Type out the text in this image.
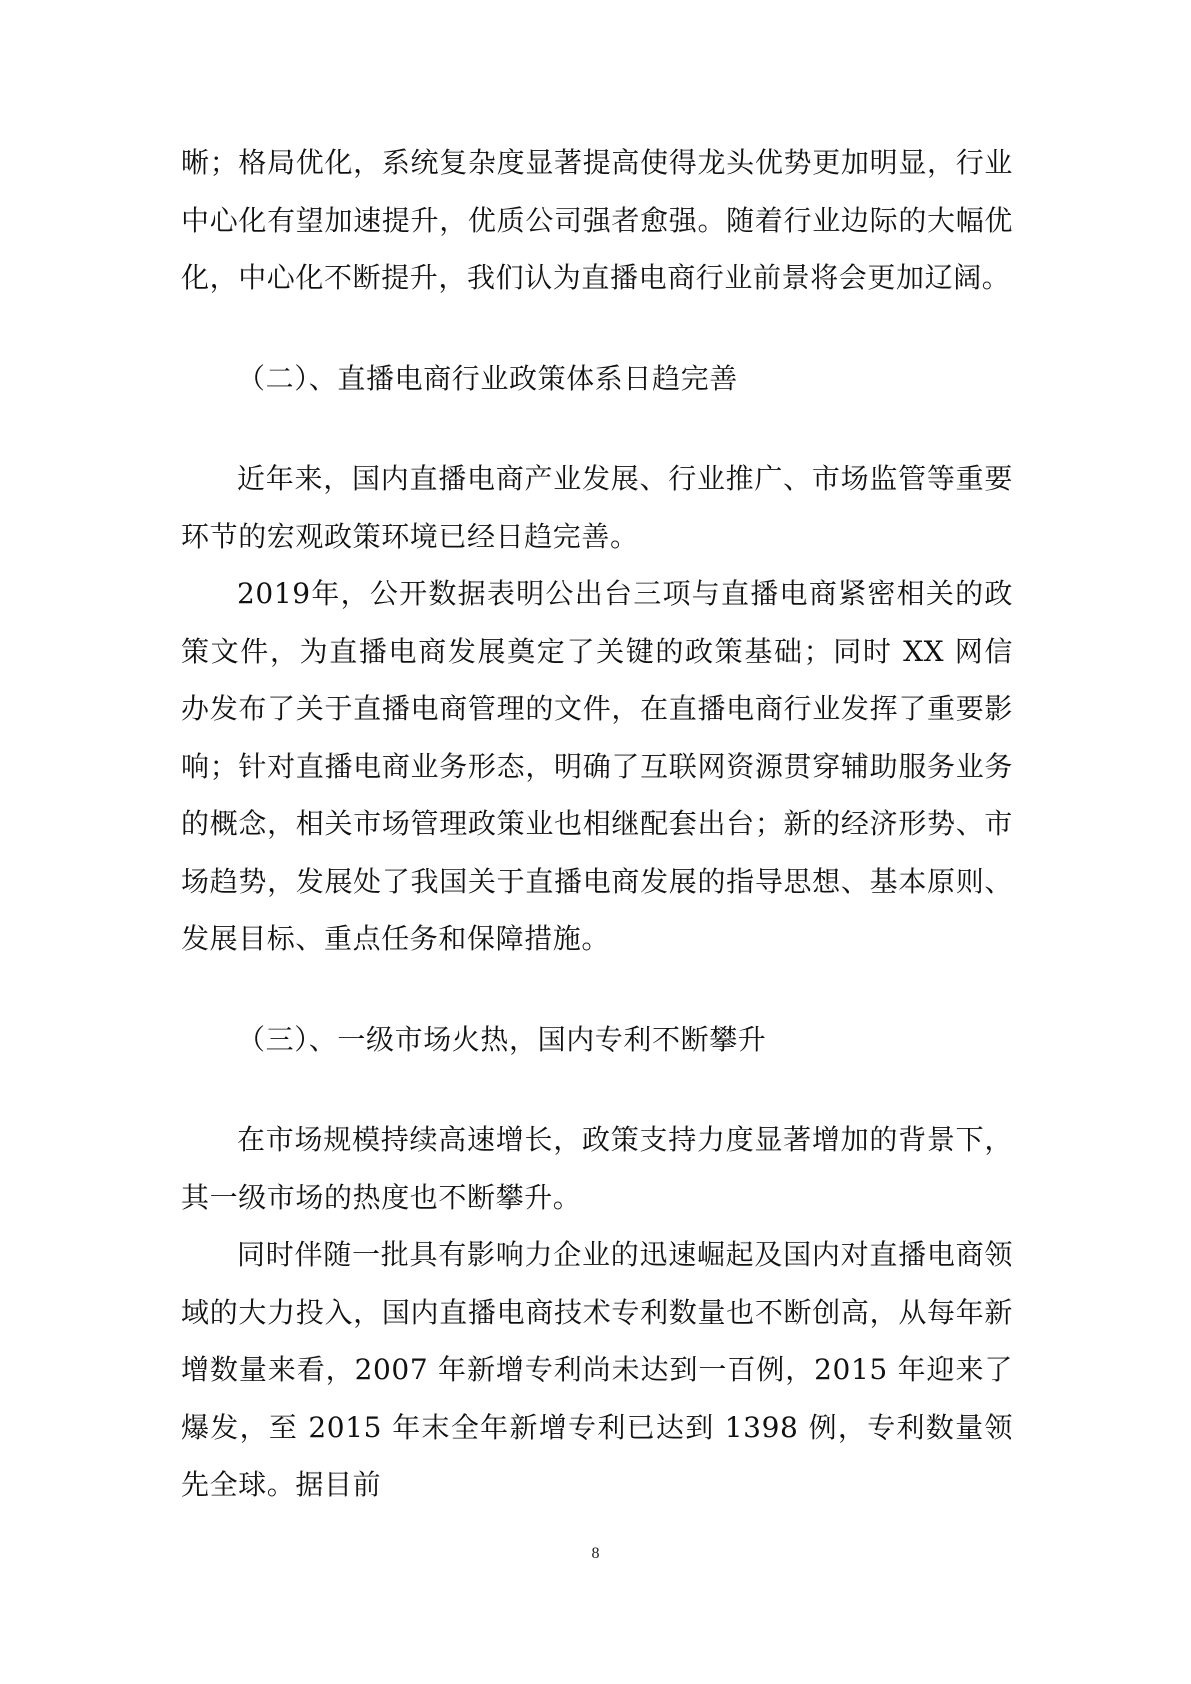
晰；格局优化，系统复杂度显著提高使得龙头优势更加明显，行业中心化有望加速提升，优质公司强者愈强。随着行业边际的大幅优化，中心化不断提升，我们认为直播电商行业前景将会更加辽阔。

（二）、直播电商行业政策体系日趋完善

近年来，国内直播电商产业发展、行业推广、市场监管等重要环节的宏观政策环境已经日趋完善。

2019年，公开数据表明公出台三项与直播电商紧密相关的政策文件，为直播电商发展奠定了关键的政策基础；同时 XX 网信办发布了关于直播电商管理的文件，在直播电商行业发挥了重要影响；针对直播电商业务形态，明确了互联网资源贯穿辅助服务业务的概念，相关市场管理政策业也相继配套出台；新的经济形势、市场趋势，发展处了我国关于直播电商发展的指导思想、基本原则、发展目标、重点任务和保障措施。

（三）、一级市场火热，国内专利不断攀升

在市场规模持续高速增长，政策支持力度显著增加的背景下，其一级市场的热度也不断攀升。

同时伴随一批具有影响力企业的迅速崛起及国内对直播电商领域的大力投入，国内直播电商技术专利数量也不断创高，从每年新增数量来看，2007 年新增专利尚未达到一百例，2015 年迎来了爆发，至 2015 年末全年新增专利已达到 1398 例，专利数量领先全球。据目前

8
